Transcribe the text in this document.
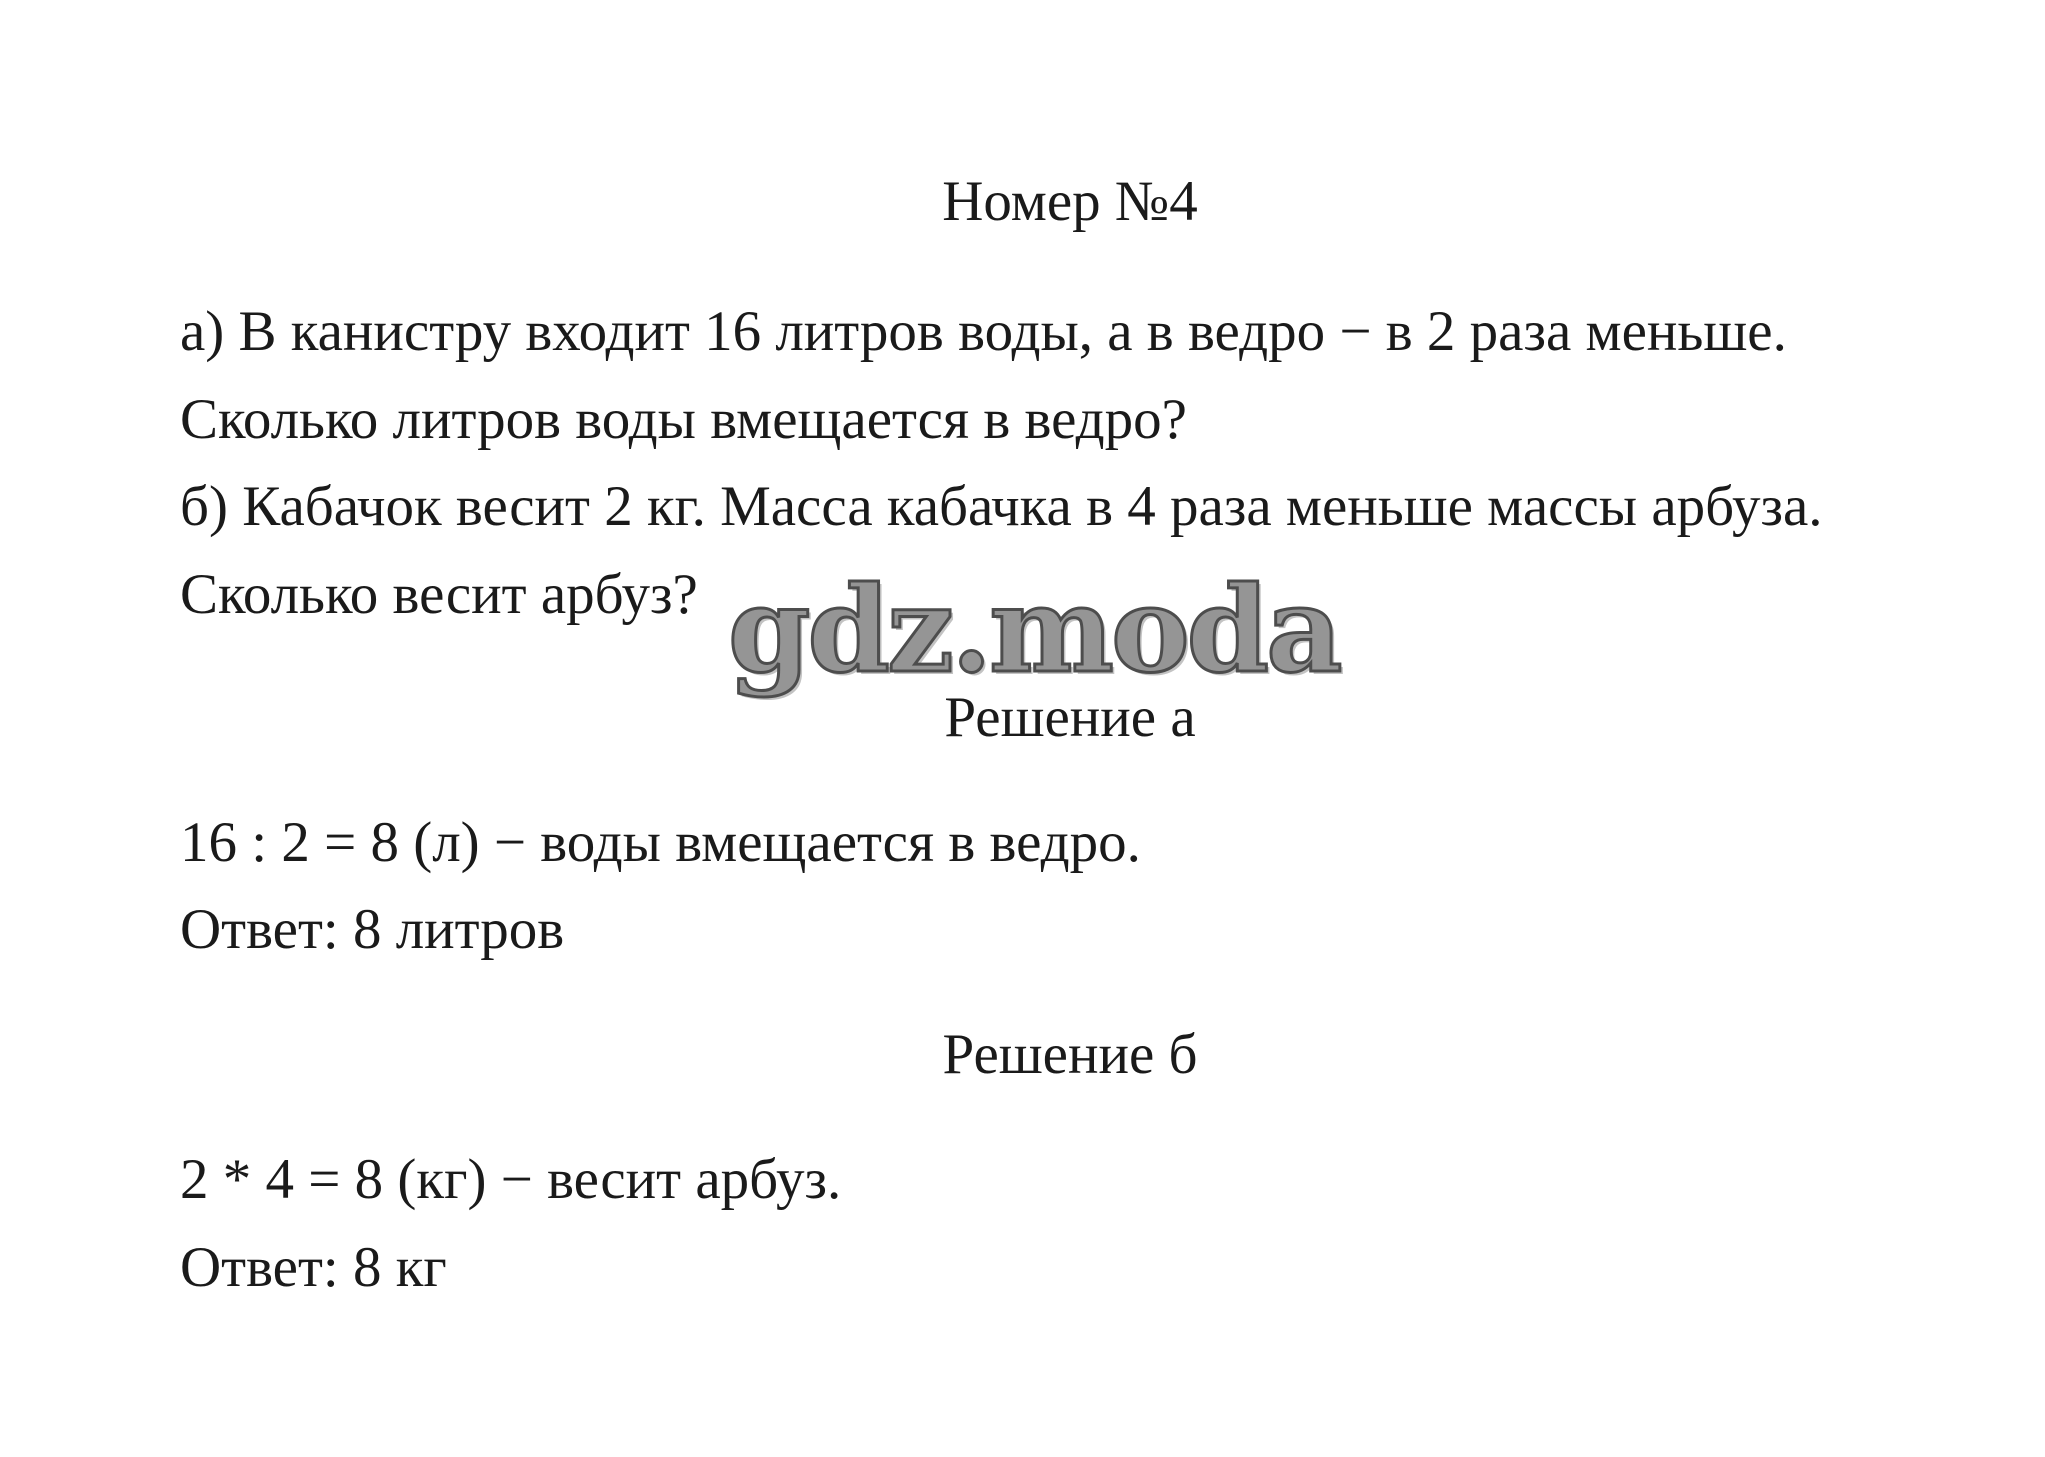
Номер №4
а) В канистру входит 16 литров воды, а в ведро − в 2 раза меньше.
Сколько литров воды вмещается в ведро?
б) Кабачок весит 2 кг. Масса кабачка в 4 раза меньше массы арбуза.
Сколько весит арбуз? gdz.moda
Решение а
16 : 2 = 8 (л) − воды вмещается в ведро.
Ответ: 8 литров
Решение б
2 * 4 = 8 (кг) − весит арбуз.
Ответ: 8 кг
